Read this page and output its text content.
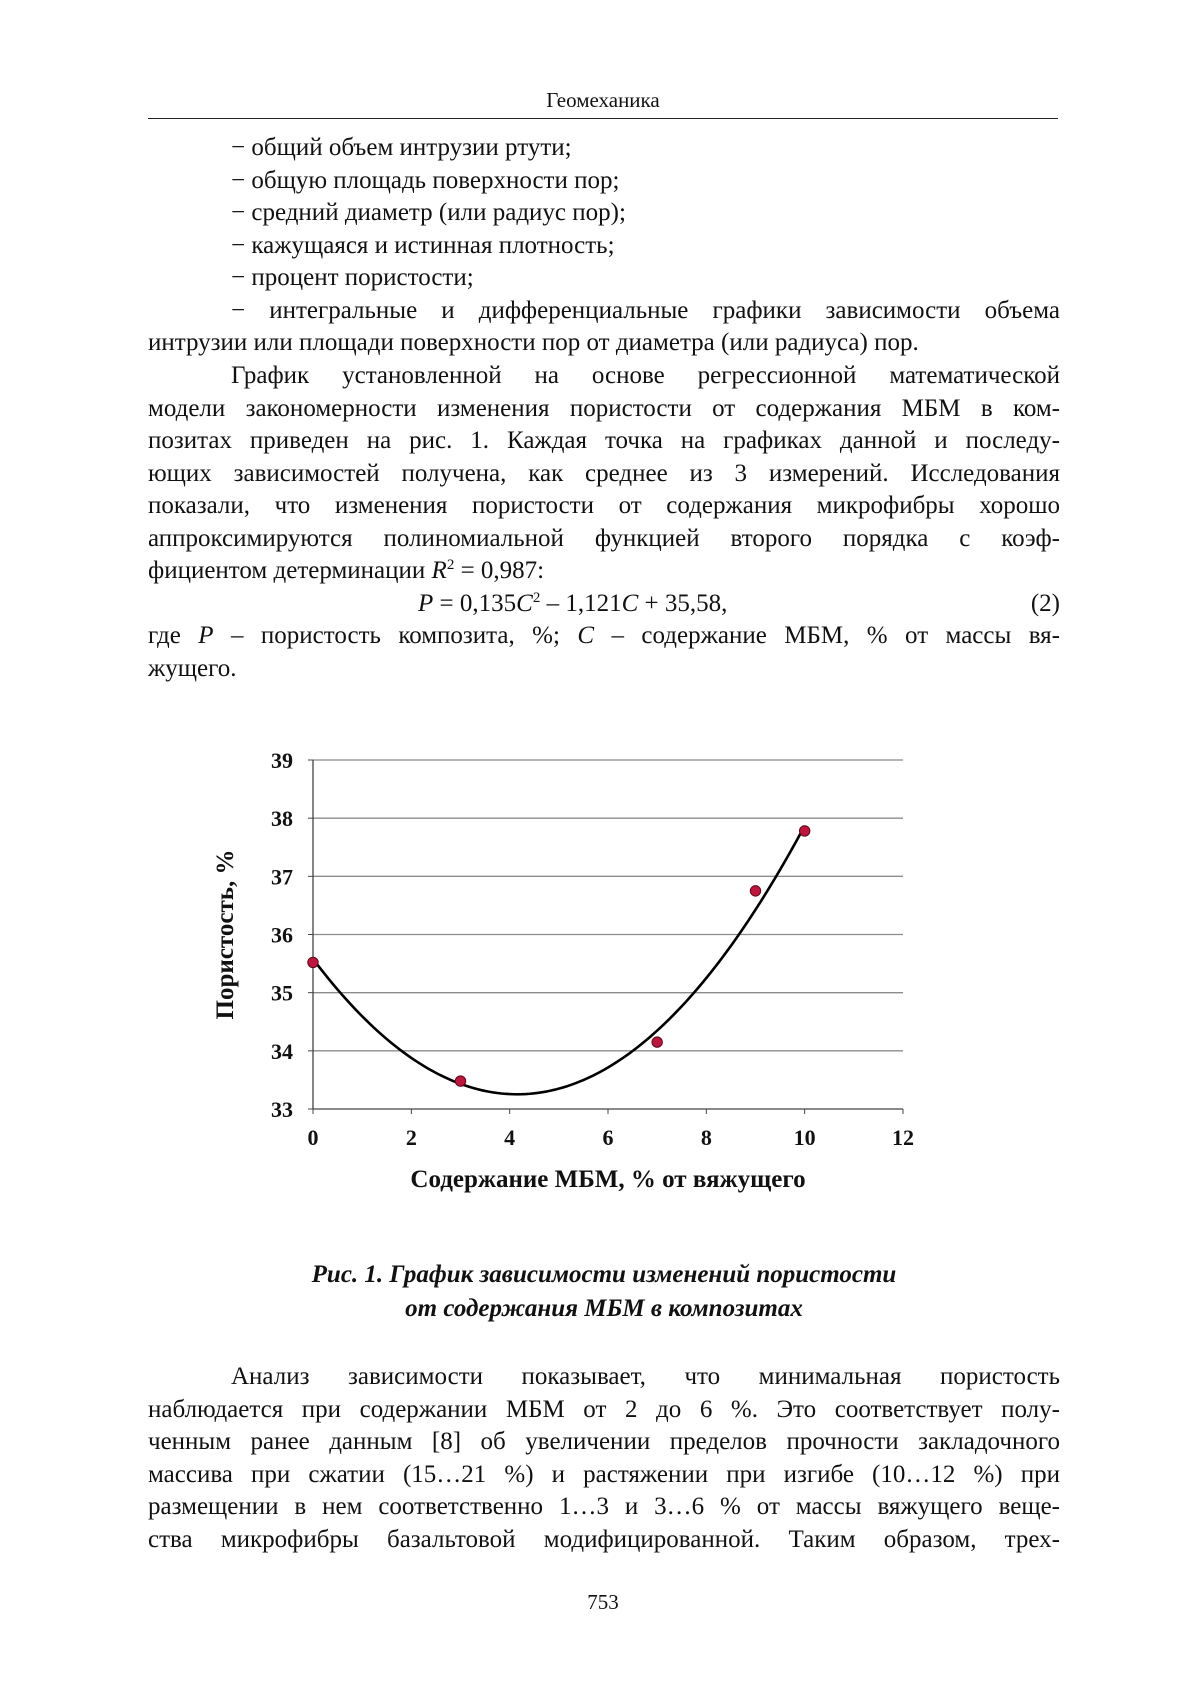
Геомеханика
− общий объем интрузии ртути;
− общую площадь поверхности пор;
− средний диаметр (или радиус пор);
− кажущаяся и истинная плотность;
− процент пористости;
− интегральные и дифференциальные графики зависимости объема
интрузии или площади поверхности пор от диаметра (или радиуса) пор.
График установленной на основе регрессионной математической
модели закономерности изменения пористости от содержания МБМ в ком-
позитах приведен на рис. 1. Каждая точка на графиках данной и последу-
ющих зависимостей получена, как среднее из 3 измерений. Исследования
показали, что изменения пористости от содержания микрофибры хорошо
аппроксимируются полиномиальной функцией второго порядка с коэф-
фициентом детерминации $R^2 = 0,987$:
$P = 0,135C^2 - 1,121C + 35,58$,	(2)
где P – пористость композита, %; C – содержание МБМ, % от массы вя-
жущего.
33
34
35
36
37
38
39
0	2	4	6	8	10	12
Содержание МБМ, % от вяжущего
Пористость, %
Рис. 1. График зависимости изменений пористости
от содержания МБМ в композитах
Анализ зависимости показывает, что минимальная пористость
наблюдается при содержании МБМ от 2 до 6 %. Это соответствует полу-
ченным ранее данным [8] об увеличении пределов прочности закладочного
массива при сжатии (15…21 %) и растяжении при изгибе (10…12 %) при
размещении в нем соответственно 1…3 и 3…6 % от массы вяжущего веще-
ства микрофибры базальтовой модифицированной. Таким образом, трех-
753
